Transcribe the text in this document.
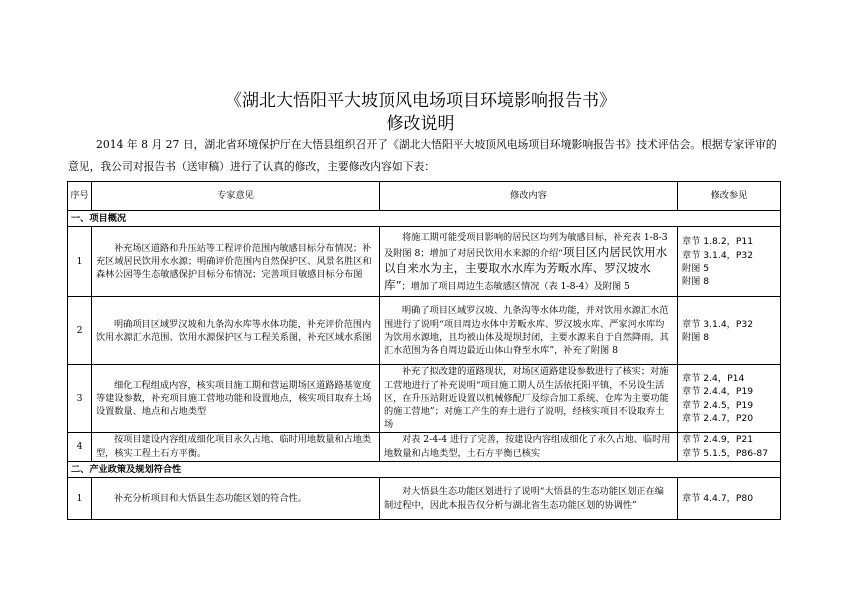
《湖北大悟阳平大坡顶风电场项目环境影响报告书》
修改说明
2014 年 8 月 27 日，湖北省环境保护厅在大悟县组织召开了《湖北大悟阳平大坡顶风电场项目环境影响报告书》技术评估会。根据专家评审的意见，我公司对报告书（送审稿）进行了认真的修改，主要修改内容如下表：
序号	专家意见	修改内容	修改参见
一、项目概况			
1	补充场区道路和升压站等工程评价范围内敏感目标分布情况；补充区域居民饮用水水源；明确评价范围内自然保护区、风景名胜区和森林公园等生态敏感保护目标分布情况；完善项目敏感目标分布图	将施工期可能受项目影响的居民区均列为敏感目标，补充表 1-8-3 及附图 8；增加了对居民饮用水来源的介绍“项目区内居民饮用水以自来水为主，主要取水水库为芳畈水库、罗汉坡水库”；增加了项目周边生态敏感区情况（表 1-8-4）及附图 5	章节 1.8.2，P11
章节 3.1.4，P32
附图 5
附图 8

2	明确项目区域罗汉坡和九条沟水库等水体功能，补充评价范围内饮用水源汇水范围、饮用水源保护区与工程关系图，补充区域水系图	明确了项目区域罗汉坡、九条沟等水体功能，并对饮用水源汇水范围进行了说明“项目周边水体中芳畈水库、罗汉坡水库、严家河水库均为饮用水源地，且均被山体及堤坝封闭，主要水源来自于自然降雨，其汇水范围为各自周边最近山体山脊至水库”，补充了附图 8	章节 3.1.4，P32
附图 8

3	细化工程组成内容，核实项目施工期和营运期场区道路路基宽度等建设参数，补充项目施工营地功能和设置地点，核实项目取弃土场设置数量、地点和占地类型	补充了拟改建的道路现状，对场区道路建设参数进行了核实；对施工营地进行了补充说明“项目施工期人员生活依托阳平镇，不另设生活区，在升压站附近设置以机械修配厂及综合加工系统、仓库为主要功能的施工营地”；对施工产生的弃土进行了说明，经核实项目不设取弃土场	章节 2.4，P14
章节 2.4.4，P19
章节 2.4.5，P19
章节 2.4.7，P20

4	按项目建设内容组成细化项目永久占地、临时用地数量和占地类型，核实工程土石方平衡。	对表 2-4-4 进行了完善，按建设内容组成细化了永久占地、临时用地数量和占地类型，土石方平衡已核实	章节 2.4.9，P21
章节 5.1.5，P86-87

二、产业政策及规划符合性			
1	补充分析项目和大悟县生态功能区划的符合性。	对大悟县生态功能区划进行了说明“大悟县的生态功能区划正在编制过程中，因此本报告仅分析与湖北省生态功能区划的协调性”	章节 4.4.7，P80
